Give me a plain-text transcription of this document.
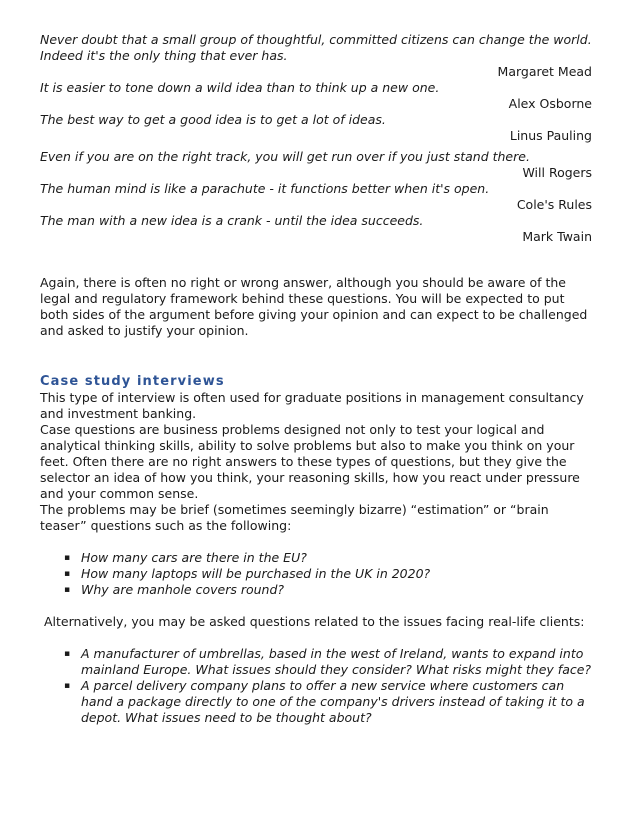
Never doubt that a small group of thoughtful, committed citizens can change the world. Indeed it's the only thing that ever has.

Margaret Mead

It is easier to tone down a wild idea than to think up a new one.

Alex Osborne

The best way to get a good idea is to get a lot of ideas.

Linus Pauling

Even if you are on the right track, you will get run over if you just stand there.

Will Rogers

The human mind is like a parachute - it functions better when it's open.

Cole's Rules

The man with a new idea is a crank - until the idea succeeds.

Mark Twain

Again, there is often no right or wrong answer, although you should be aware of the legal and regulatory framework behind these questions. You will be expected to put both sides of the argument before giving your opinion and can expect to be challenged and asked to justify your opinion.

Case study interviews

This type of interview is often used for graduate positions in management consultancy and investment banking.

Case questions are business problems designed not only to test your logical and analytical thinking skills, ability to solve problems but also to make you think on your feet. Often there are no right answers to these types of questions, but they give the selector an idea of how you think, your reasoning skills, how you react under pressure and your common sense.

The problems may be brief (sometimes seemingly bizarre) “estimation” or “brain teaser” questions such as the following:

▪ How many cars are there in the EU?
▪ How many laptops will be purchased in the UK in 2020?
▪ Why are manhole covers round?

Alternatively, you may be asked questions related to the issues facing real-life clients:

▪ A manufacturer of umbrellas, based in the west of Ireland, wants to expand into mainland Europe. What issues should they consider? What risks might they face?
▪ A parcel delivery company plans to offer a new service where customers can hand a package directly to one of the company's drivers instead of taking it to a depot. What issues need to be thought about?
